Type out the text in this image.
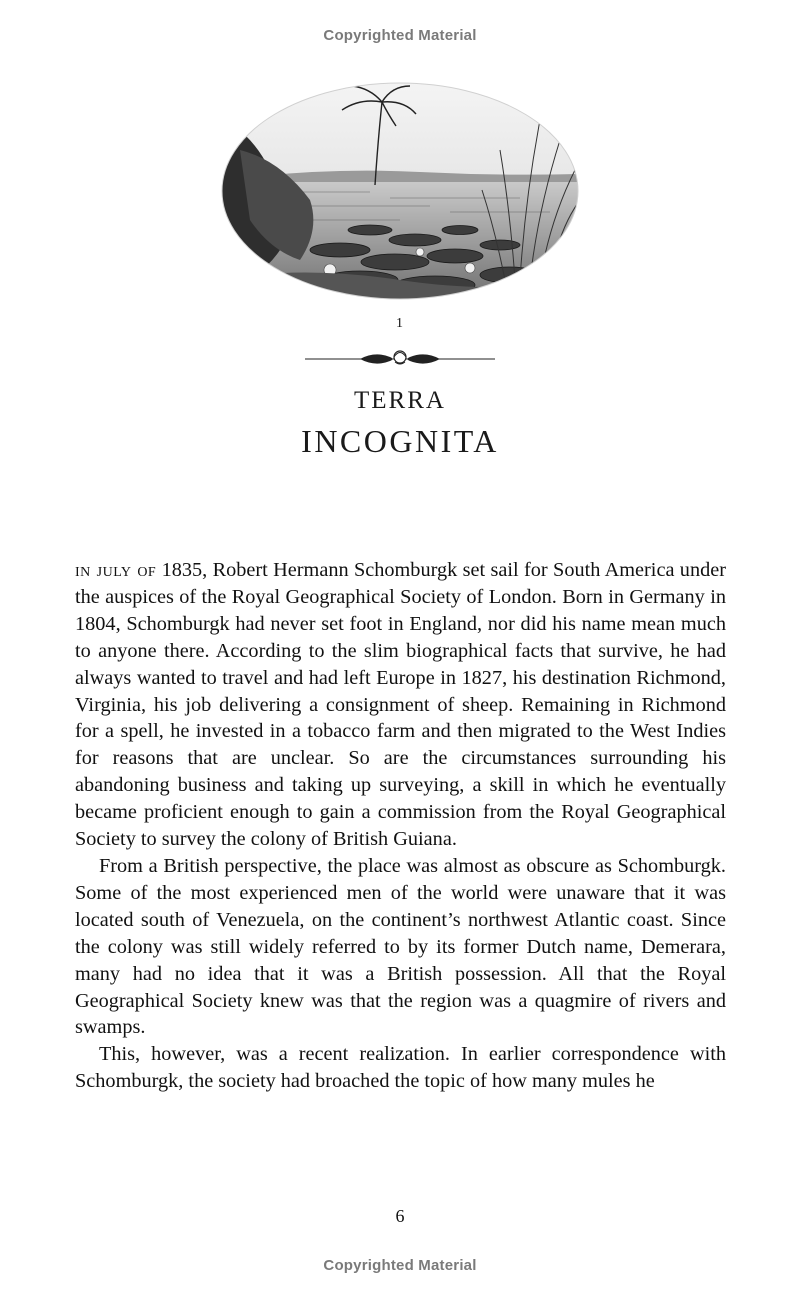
Copyrighted Material
1
TERRA
INCOGNITA

in july of 1835, Robert Hermann Schomburgk set sail for South America under the auspices of the Royal Geographical Society of London. Born in Germany in 1804, Schomburgk had never set foot in England, nor did his name mean much to anyone there. According to the slim biographical facts that survive, he had always wanted to travel and had left Europe in 1827, his destination Richmond, Virginia, his job delivering a consignment of sheep. Remaining in Richmond for a spell, he invested in a tobacco farm and then migrated to the West Indies for reasons that are unclear. So are the circumstances surrounding his abandoning business and taking up surveying, a skill in which he eventually became proficient enough to gain a commission from the Royal Geographical Society to survey the colony of British Guiana.

From a British perspective, the place was almost as obscure as Schomburgk. Some of the most experienced men of the world were unaware that it was located south of Venezuela, on the continent’s northwest Atlantic coast. Since the colony was still widely referred to by its former Dutch name, Demerara, many had no idea that it was a British possession. All that the Royal Geographical Society knew was that the region was a quagmire of rivers and swamps.

This, however, was a recent realization. In earlier correspondence with Schomburgk, the society had broached the topic of how many mules he

6
Copyrighted Material
